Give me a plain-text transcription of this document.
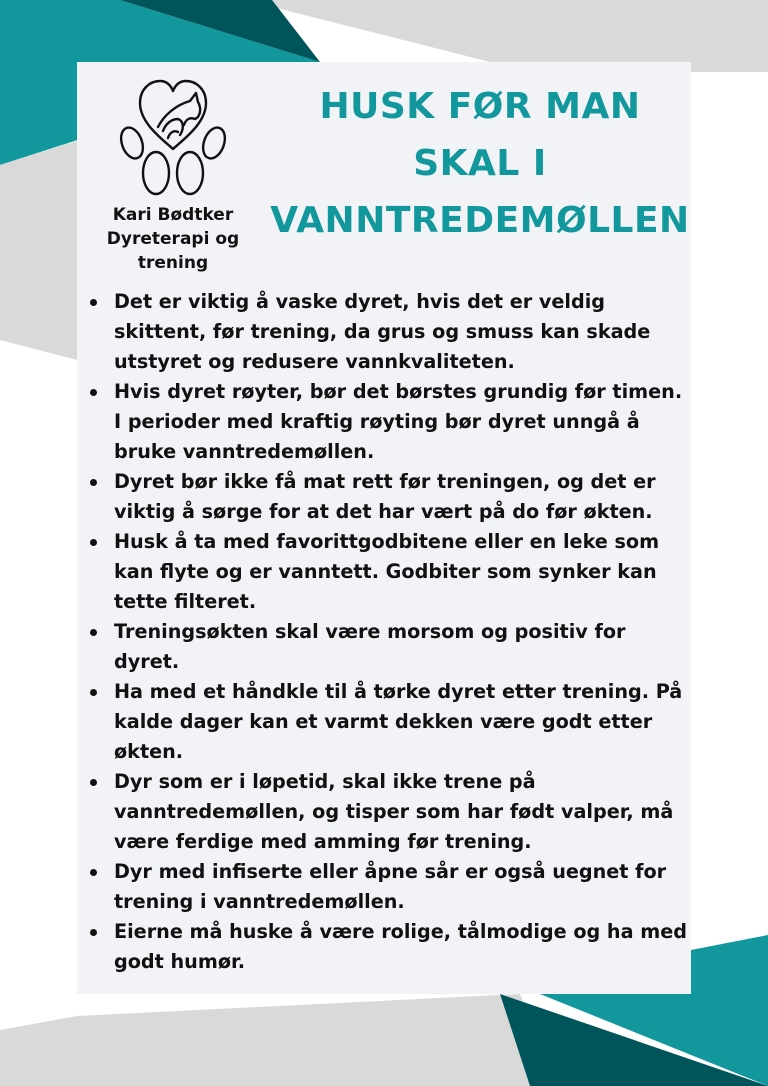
Kari Bødtker
Dyreterapi og trening
HUSK FØR MAN
SKAL I
VANNTREDEMØLLEN
Det er viktig å vaske dyret, hvis det er veldig skittent, før trening, da grus og smuss kan skade utstyret og redusere vannkvaliteten.
Hvis dyret røyter, bør det børstes grundig før timen. I perioder med kraftig røyting bør dyret unngå å bruke vanntredemøllen.
Dyret bør ikke få mat rett før treningen, og det er viktig å sørge for at det har vært på do før økten.
Husk å ta med favorittgodbitene eller en leke som kan flyte og er vanntett. Godbiter som synker kan tette filteret.
Treningsøkten skal være morsom og positiv for dyret.
Ha med et håndkle til å tørke dyret etter trening. På kalde dager kan et varmt dekken være godt etter økten.
Dyr som er i løpetid, skal ikke trene på vanntredemøllen, og tisper som har født valper, må være ferdige med amming før trening.
Dyr med infiserte eller åpne sår er også uegnet for trening i vanntredemøllen.
Eierne må huske å være rolige, tålmodige og ha med godt humør.
